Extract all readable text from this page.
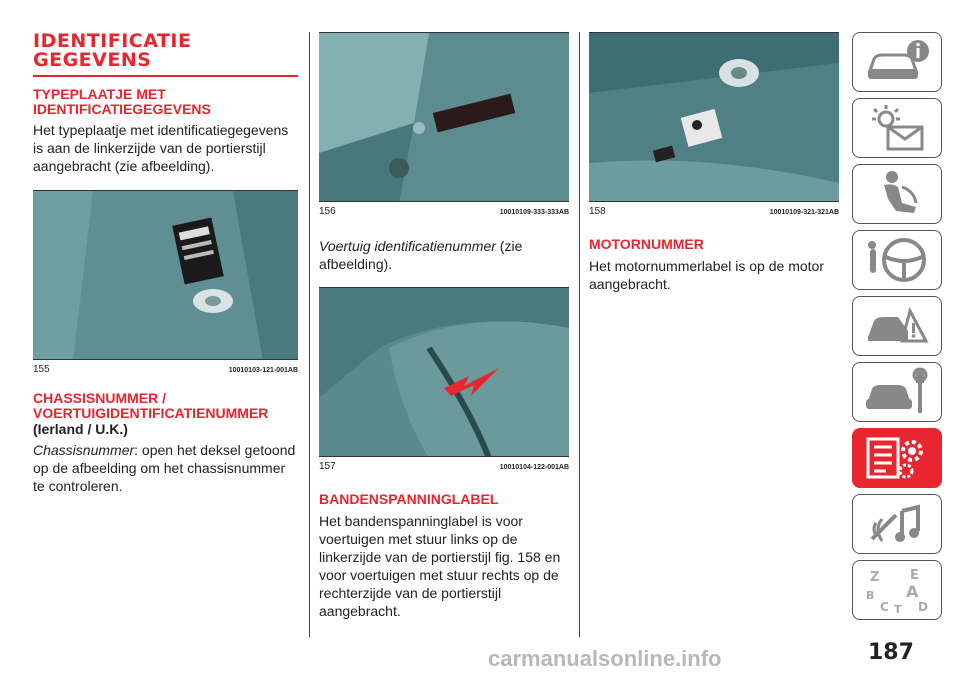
IDENTIFICATIE
GEGEVENS
TYPEPLAATJE MET
IDENTIFICATIEGEGEVENS

Het typeplaatje met identificatiegegevens is aan de linkerzijde van de portierstijl aangebracht (zie afbeelding).

155	10010103-121-001AB
CHASSISNUMMER /
VOERTUIGIDENTIFICATIENUMMER
(Ierland / U.K.)

Chassisnummer: open het deksel getoond op de afbeelding om het chassisnummer te controleren.

156	10010109-333-333AB

Voertuig identificatienummer (zie afbeelding).

157	10010104-122-001AB
BANDENSPANNINGLABEL

Het bandenspanninglabel is voor voertuigen met stuur links op de linkerzijde van de portierstijl fig. 158 en voor voertuigen met stuur rechts op de rechterzijde van de portierstijl aangebracht.

158	10010109-321-321AB
MOTORNUMMER

Het motornummerlabel is op de motor aangebracht.

Z E
B A
C D
T
carmanualsonline.info	187
